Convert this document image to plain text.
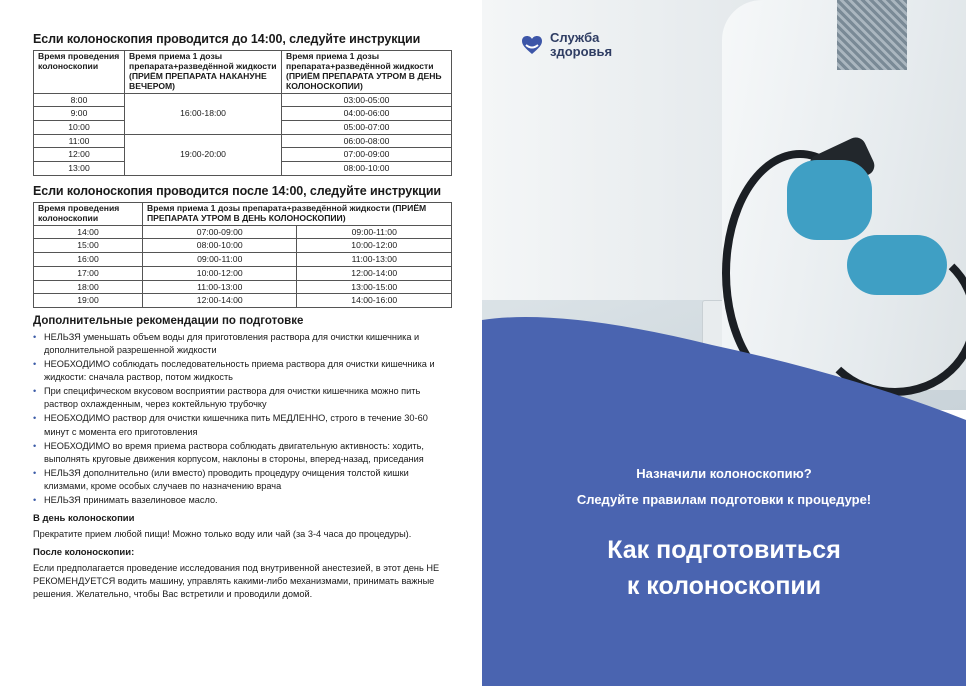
Если колоноскопия проводится до 14:00, следуйте инструкции
Время проведения колоноскопии	Время приема 1 дозы препарата+разведённой жидкости (ПРИЁМ ПРЕПАРАТА НАКАНУНЕ ВЕЧЕРОМ)	Время приема 1 дозы препарата+разведённой жидкости (ПРИЁМ ПРЕПАРАТА УТРОМ В ДЕНЬ КОЛОНОСКОПИИ)
8:00	16:00-18:00	03:00-05:00
9:00		04:00-06:00
10:00		05:00-07:00
11:00	19:00-20:00	06:00-08:00
12:00		07:00-09:00
13:00		08:00-10:00
Если колоноскопия проводится после 14:00, следуйте инструкции
Время проведения колоноскопии	Время приема 1 дозы препарата+разведённой жидкости (ПРИЁМ ПРЕПАРАТА УТРОМ В ДЕНЬ КОЛОНОСКОПИИ)	
14:00	07:00-09:00	09:00-11:00
15:00	08:00-10:00	10:00-12:00
16:00	09:00-11:00	11:00-13:00
17:00	10:00-12:00	12:00-14:00
18:00	11:00-13:00	13:00-15:00
19:00	12:00-14:00	14:00-16:00
Дополнительные рекомендации по подготовке
• НЕЛЬЗЯ уменьшать объем воды для приготовления раствора для очистки кишечника и дополнительной разрешенной жидкости
• НЕОБХОДИМО соблюдать последовательность приема раствора для очистки кишечника и жидкости: сначала раствор, потом жидкость
• При специфическом вкусовом восприятии раствора для очистки кишечника можно пить раствор охлажденным, через коктейльную трубочку
• НЕОБХОДИМО раствор для очистки кишечника пить МЕДЛЕННО, строго в течение 30-60 минут с момента его приготовления
• НЕОБХОДИМО во время приема раствора соблюдать двигательную активность: ходить, выполнять круговые движения корпусом, наклоны в стороны, вперед-назад, приседания
• НЕЛЬЗЯ дополнительно (или вместо) проводить процедуру очищения толстой кишки клизмами, кроме особых случаев по назначению врача
• НЕЛЬЗЯ принимать вазелиновое масло.
В день колоноскопии

Прекратите прием любой пищи! Можно только воду или чай (за 3-4 часа до процедуры).

После колоноскопии:

Если предполагается проведение исследования под внутривенной анестезией, в этот день НЕ РЕКОМЕНДУЕТСЯ водить машину, управлять какими-либо механизмами, принимать важные решения. Желательно, чтобы Вас встретили и проводили домой.

Служба
здоровья
Назначили колоноскопию?
Следуйте правилам подготовки к процедуре!
Как подготовиться
к колоноскопии
